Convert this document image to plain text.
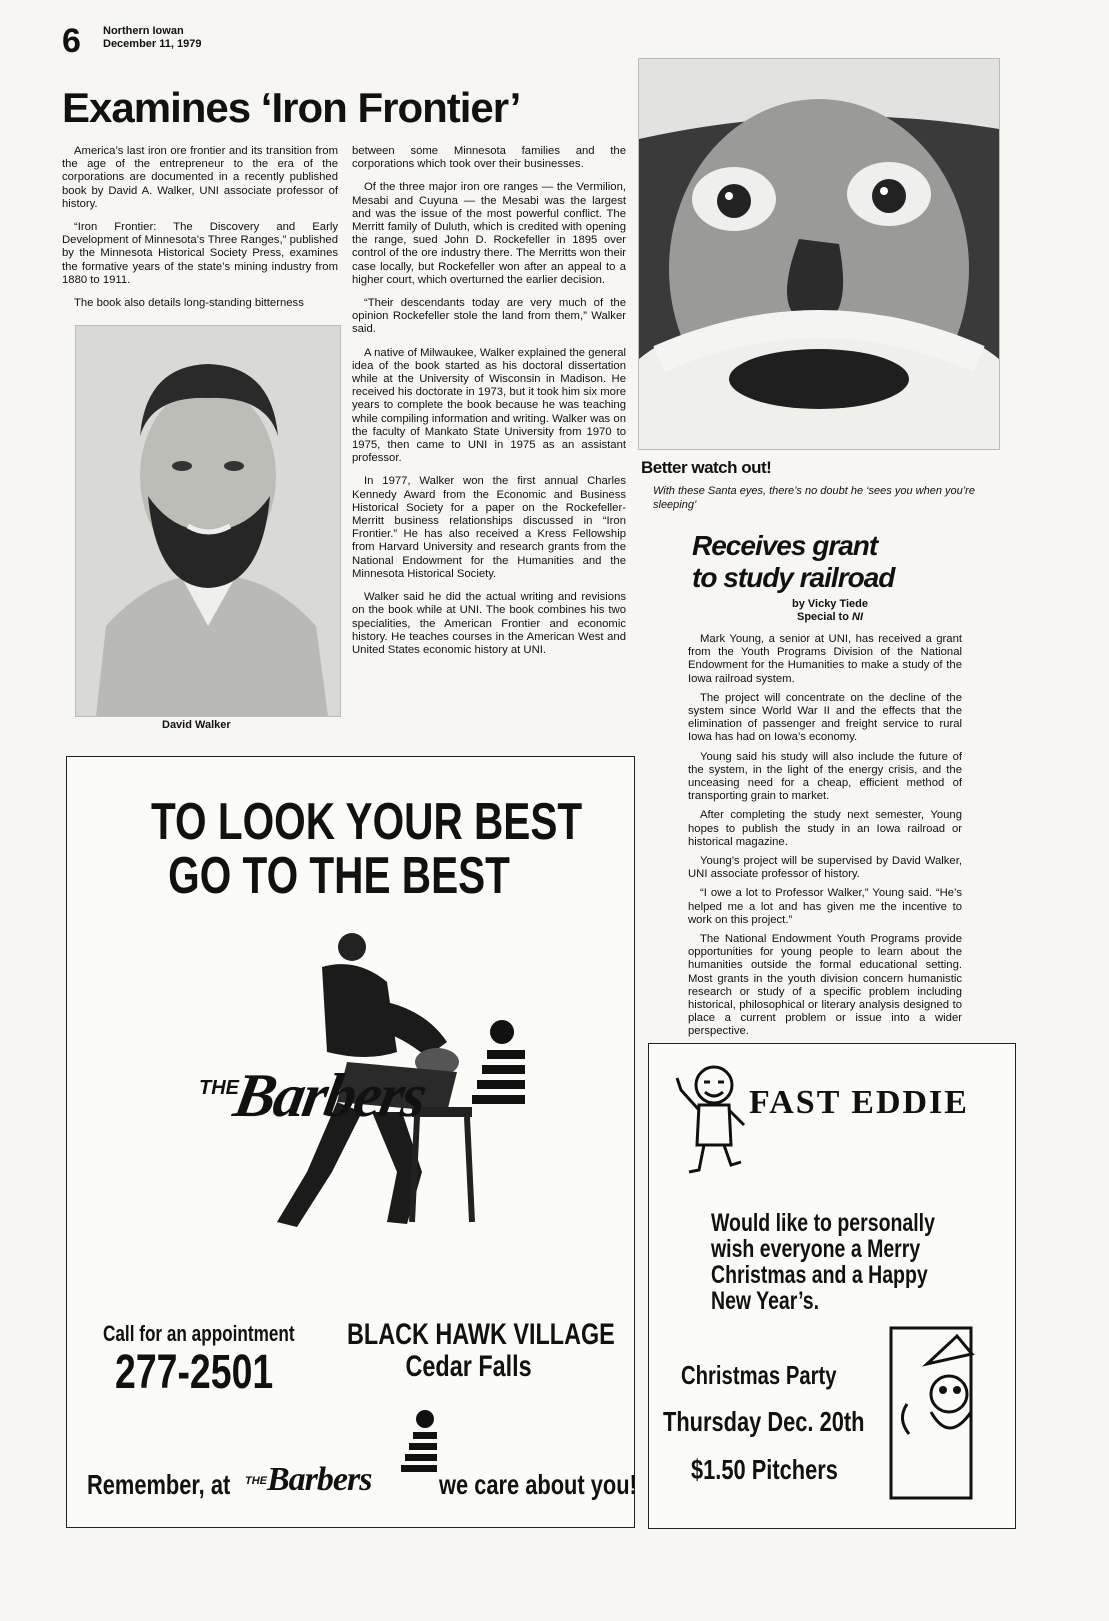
6 Northern Iowan
December 11, 1979
Examines ‘Iron Frontier’

America’s last iron ore frontier and its transition from the age of the entrepreneur to the era of the corporations are documented in a recently published book by David A. Walker, UNI associate professor of history.

“Iron Frontier: The Discovery and Early Development of Minnesota’s Three Ranges,” published by the Minnesota Historical Society Press, examines the formative years of the state’s mining industry from 1880 to 1911.

The book also details long-standing bitterness

David Walker

between some Minnesota families and the corporations which took over their businesses.

Of the three major iron ore ranges — the Vermilion, Mesabi and Cuyuna — the Mesabi was the largest and was the issue of the most powerful conflict. The Merritt family of Duluth, which is credited with opening the range, sued John D. Rockefeller in 1895 over control of the ore industry there. The Merritts won their case locally, but Rockefeller won after an appeal to a higher court, which overturned the earlier decision.

“Their descendants today are very much of the opinion Rockefeller stole the land from them,” Walker said.

A native of Milwaukee, Walker explained the general idea of the book started as his doctoral dissertation while at the University of Wisconsin in Madison. He received his doctorate in 1973, but it took him six more years to complete the book because he was teaching while compiling information and writing. Walker was on the faculty of Mankato State University from 1970 to 1975, then came to UNI in 1975 as an assistant professor.

In 1977, Walker won the first annual Charles Kennedy Award from the Economic and Business Historical Society for a paper on the Rockefeller-Merritt business relationships discussed in “Iron Frontier.” He has also received a Kress Fellowship from Harvard University and research grants from the National Endowment for the Humanities and the Minnesota Historical Society.

Walker said he did the actual writing and revisions on the book while at UNI. The book combines his two specialities, the American Frontier and economic history. He teaches courses in the American West and United States economic history at UNI.

Better watch out!
With these Santa eyes, there’s no doubt he ‘sees you when you’re sleeping’
Receives grant
to study railroad
by Vicky Tiede
Special to NI

Mark Young, a senior at UNI, has received a grant from the Youth Programs Division of the National Endowment for the Humanities to make a study of the Iowa railroad system.

The project will concentrate on the decline of the system since World War II and the effects that the elimination of passenger and freight service to rural Iowa has had on Iowa’s economy.

Young said his study will also include the future of the system, in the light of the energy crisis, and the unceasing need for a cheap, efficient method of transporting grain to market.

After completing the study next semester, Young hopes to publish the study in an Iowa railroad or historical magazine.

Young’s project will be supervised by David Walker, UNI associate professor of history.

“I owe a lot to Professor Walker,” Young said. “He’s helped me a lot and has given me the incentive to work on this project.”

The National Endowment Youth Programs provide opportunities for young people to learn about the humanities outside the formal educational setting. Most grants in the youth division concern humanistic research or study of a specific problem including historical, philosophical or literary analysis designed to place a current problem or issue into a wider perspective.

TO LOOK YOUR BEST
GO TO THE BEST
THE
Barbers
Call for an appointment
277-2501
BLACK HAWK VILLAGE
Cedar Falls
Remember, at THE Barbers we care about you!
FAST EDDIE
Would like to personally
wish everyone a Merry
Christmas and a Happy
New Year’s.
Christmas Party
Thursday Dec. 20th
$1.50 Pitchers
